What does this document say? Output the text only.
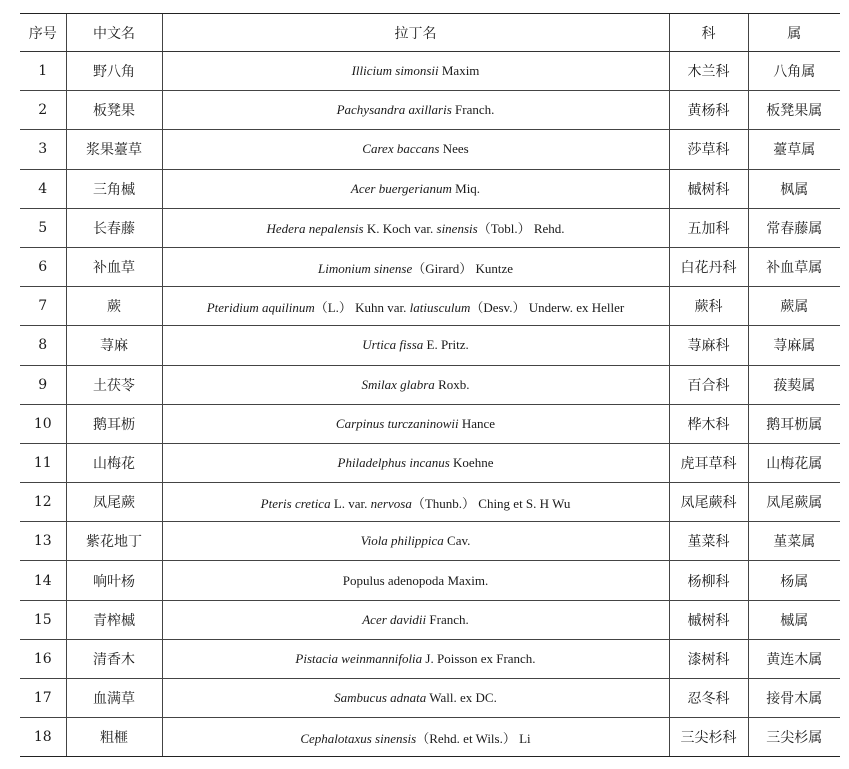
序号	中文名	拉丁名	科	属
1	野八角	Illicium simonsii Maxim	木兰科	八角属
2	板凳果	Pachysandra axillaris Franch.	黄杨科	板凳果属
3	浆果薹草	Carex baccans Nees	莎草科	薹草属
4	三角槭	Acer buergerianum Miq.	槭树科	枫属
5	长春藤	Hedera nepalensis K. Koch var. sinensis（Tobl.） Rehd.	五加科	常春藤属
6	补血草	Limonium sinense（Girard） Kuntze	白花丹科	补血草属
7	蕨	Pteridium aquilinum（L.） Kuhn var. latiusculum（Desv.） Underw. ex Heller	蕨科	蕨属
8	荨麻	Urtica fissa E. Pritz.	荨麻科	荨麻属
9	土茯苓	Smilax glabra Roxb.	百合科	菝葜属
10	鹅耳枥	Carpinus turczaninowii Hance	桦木科	鹅耳枥属
11	山梅花	Philadelphus incanus Koehne	虎耳草科	山梅花属
12	凤尾蕨	Pteris cretica L. var. nervosa（Thunb.） Ching et S. H Wu	凤尾蕨科	凤尾蕨属
13	紫花地丁	Viola philippica Cav.	堇菜科	堇菜属
14	响叶杨	Populus adenopoda Maxim.	杨柳科	杨属
15	青榨槭	Acer davidii Franch.	槭树科	槭属
16	清香木	Pistacia weinmannifolia J. Poisson ex Franch.	漆树科	黄连木属
17	血满草	Sambucus adnata Wall. ex DC.	忍冬科	接骨木属
18	粗榧	Cephalotaxus sinensis（Rehd. et Wils.） Li	三尖杉科	三尖杉属
